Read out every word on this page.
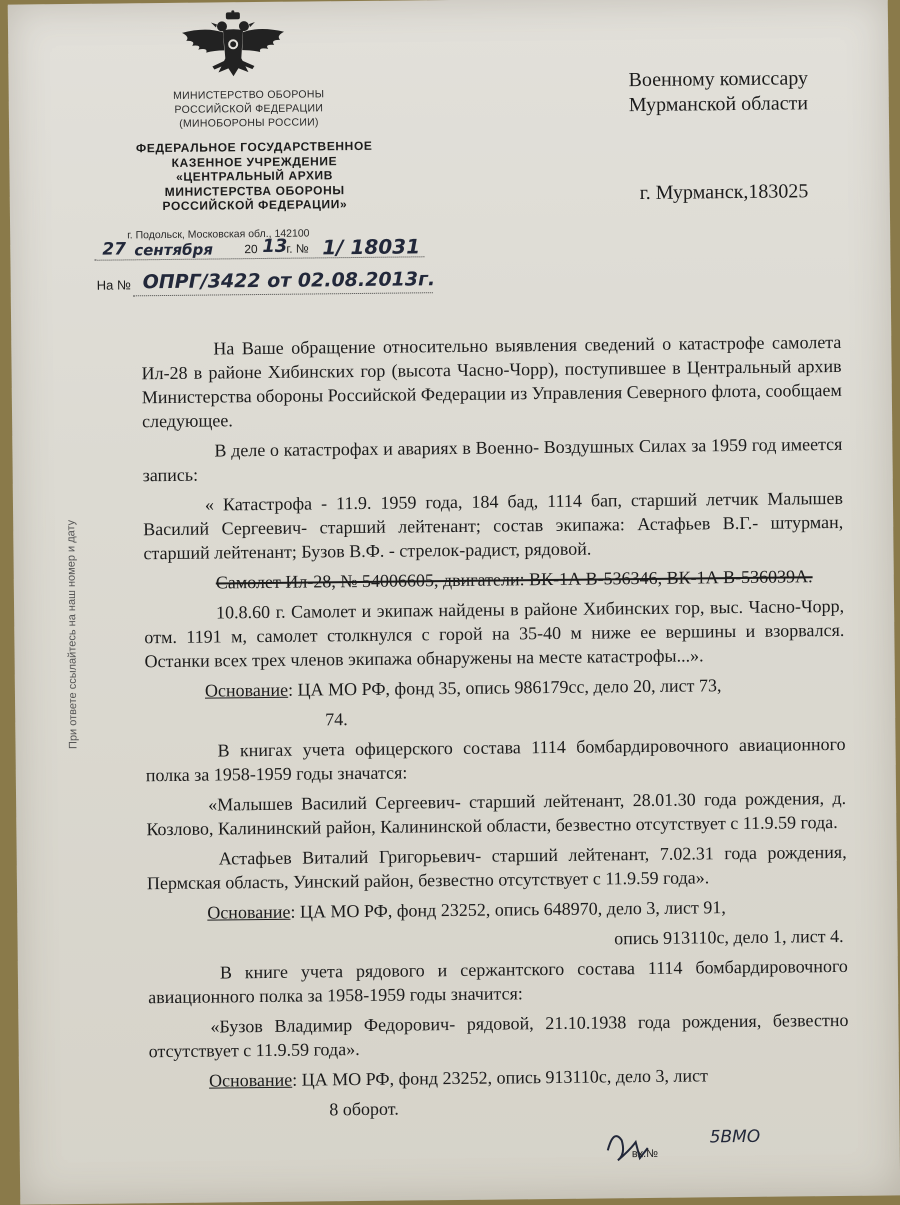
МИНИСТЕРСТВО ОБОРОНЫ
РОССИЙСКОЙ ФЕДЕРАЦИИ
(МИНОБОРОНЫ РОССИИ)
ФЕДЕРАЛЬНОЕ ГОСУДАРСТВЕННОЕ
КАЗЕННОЕ УЧРЕЖДЕНИЕ
«ЦЕНТРАЛЬНЫЙ АРХИВ
МИНИСТЕРСТВА ОБОРОНЫ
РОССИЙСКОЙ ФЕДЕРАЦИИ»
г. Подольск, Московская обл., 142100
27 сентября	20 13
г. № 1/ 18031
На № ОПРГ/3422 от 02.08.2013г.
Военному комиссару
Мурманской области
г. Мурманск,183025
При ответе ссылайтесь на наш номер и дату

На Ваше обращение относительно выявления сведений о катастрофе самолета Ил-28 в районе Хибинских гор (высота Часно-Чорр), поступившее в Центральный архив Министерства обороны Российской Федерации из Управления Северного флота, сообщаем следующее.

В деле о катастрофах и авариях в Военно- Воздушных Силах за 1959 год имеется запись:

« Катастрофа - 11.9. 1959 года, 184 бад, 1114 бап, старший летчик Малышев Василий Сергеевич- старший лейтенант; состав экипажа: Астафьев В.Г.- штурман, старший лейтенант; Бузов В.Ф. - стрелок-радист, рядовой.

Самолет Ил-28, № 54006605, двигатели: ВК-1А В-536346, ВК-1А В-536039А.

10.8.60 г. Самолет и экипаж найдены в районе Хибинских гор, выс. Часно-Чорр, отм. 1191 м, самолет столкнулся с горой на 35-40 м ниже ее вершины и взорвался. Останки всех трех членов экипажа обнаружены на месте катастрофы...».

Основание: ЦА МО РФ, фонд 35, опись 986179сс, дело 20, лист 73,

74.

В книгах учета офицерского состава 1114 бомбардировочного авиационного полка за 1958-1959 годы значатся:

«Малышев Василий Сергеевич- старший лейтенант, 28.01.30 года рождения, д. Козлово, Калининский район, Калининской области, безвестно отсутствует с 11.9.59 года.

Астафьев Виталий Григорьевич- старший лейтенант, 7.02.31 года рождения, Пермская область, Уинский район, безвестно отсутствует с 11.9.59 года».

Основание: ЦА МО РФ, фонд 23252, опись 648970, дело 3, лист 91,

опись 913110с, дело 1, лист 4.

В книге учета рядового и сержантского состава 1114 бомбардировочного авиационного полка за 1958-1959 годы значится:

«Бузов Владимир Федорович- рядовой, 21.10.1938 года рождения, безвестно отсутствует с 11.9.59 года».

Основание: ЦА МО РФ, фонд 23252, опись 913110с, дело 3, лист

8 оборот.

вх.№
5BMO
